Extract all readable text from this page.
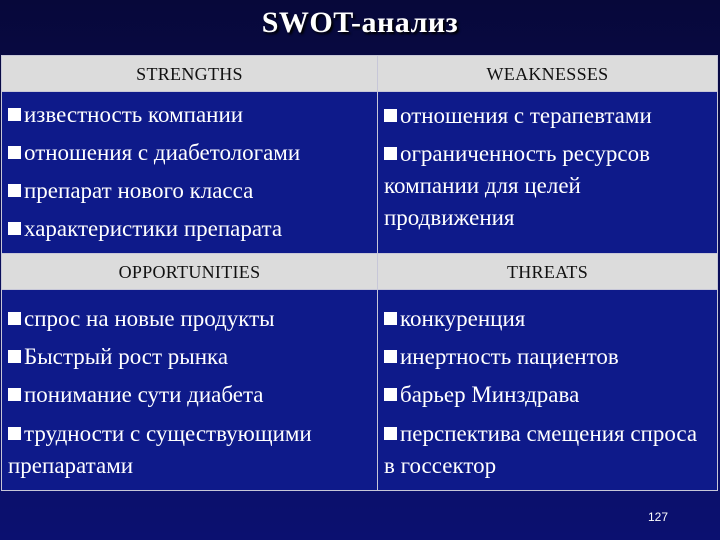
SWOT-анализ
STRENGTHS	WEAKNESSES
известность компании
отношения с диабетологами
препарат нового класса
характеристики препарата
отношения с терапевтами
ограниченность ресурсов компании для целей продвижения
OPPORTUNITIES	THREATS
спрос на новые продукты
Быстрый рост рынка
понимание сути диабета
трудности с существующими препаратами
конкуренция
инертность пациентов
барьер Минздрава
перспектива смещения спроса в госсектор
127
